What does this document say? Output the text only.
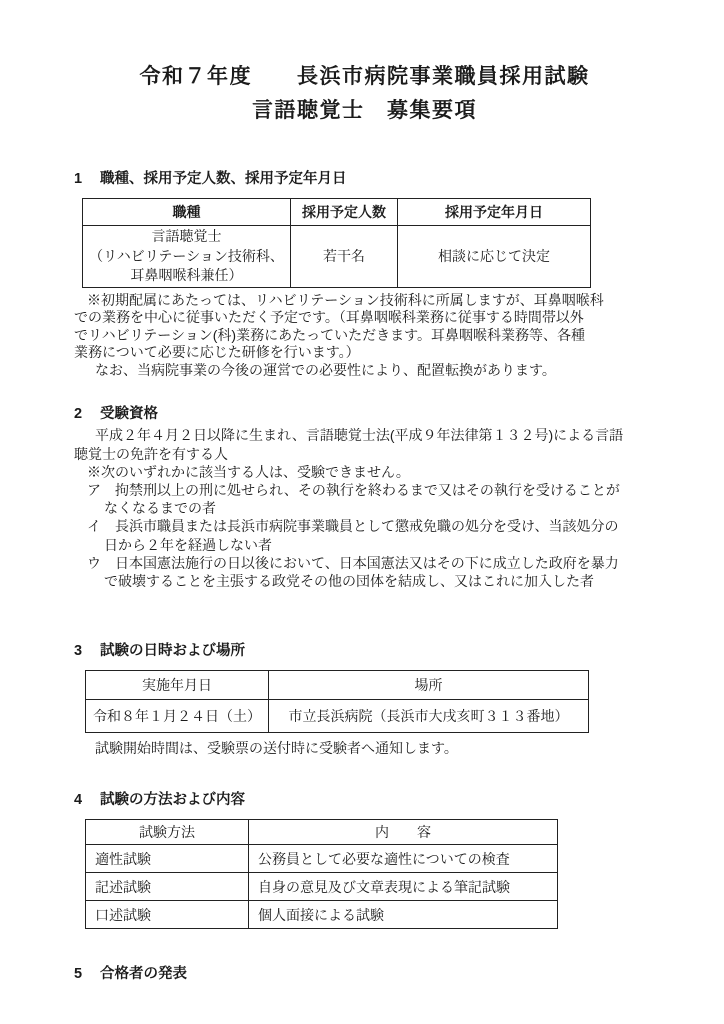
令和７年度　　長浜市病院事業職員採用試験
言語聴覚士　募集要項
1	職種、採用予定人数、採用予定年月日
職種	採用予定人数	採用予定年月日

言語聴覚士
（リハビリテーション技術科、
耳鼻咽喉科兼任）	若干名	相談に応じて決定
※初期配属にあたっては、リハビリテーション技術科に所属しますが、耳鼻咽喉科
での業務を中心に従事いただく予定です。（耳鼻咽喉科業務に従事する時間帯以外
でリハビリテーション(科)業務にあたっていただきます。耳鼻咽喉科業務等、各種
業務について必要に応じた研修を行います。）
なお、当病院事業の今後の運営での必要性により、配置転換があります。
2	受験資格
平成２年４月２日以降に生まれ、言語聴覚士法(平成９年法律第１３２号)による言語
聴覚士の免許を有する人
※次のいずれかに該当する人は、受験できません。
ア　拘禁刑以上の刑に処せられ、その執行を終わるまで又はその執行を受けることが
なくなるまでの者
イ　長浜市職員または長浜市病院事業職員として懲戒免職の処分を受け、当該処分の
日から２年を経過しない者
ウ　日本国憲法施行の日以後において、日本国憲法又はその下に成立した政府を暴力
で破壊することを主張する政党その他の団体を結成し、又はこれに加入した者
3	試験の日時および場所
実施年月日	場所
令和８年１月２４日（土）	市立長浜病院（長浜市大戌亥町３１３番地）
試験開始時間は、受験票の送付時に受験者へ通知します。
4	試験の方法および内容
試験方法	内　　容
適性試験	公務員として必要な適性についての検査
記述試験	自身の意見及び文章表現による筆記試験
口述試験	個人面接による試験
5	合格者の発表
